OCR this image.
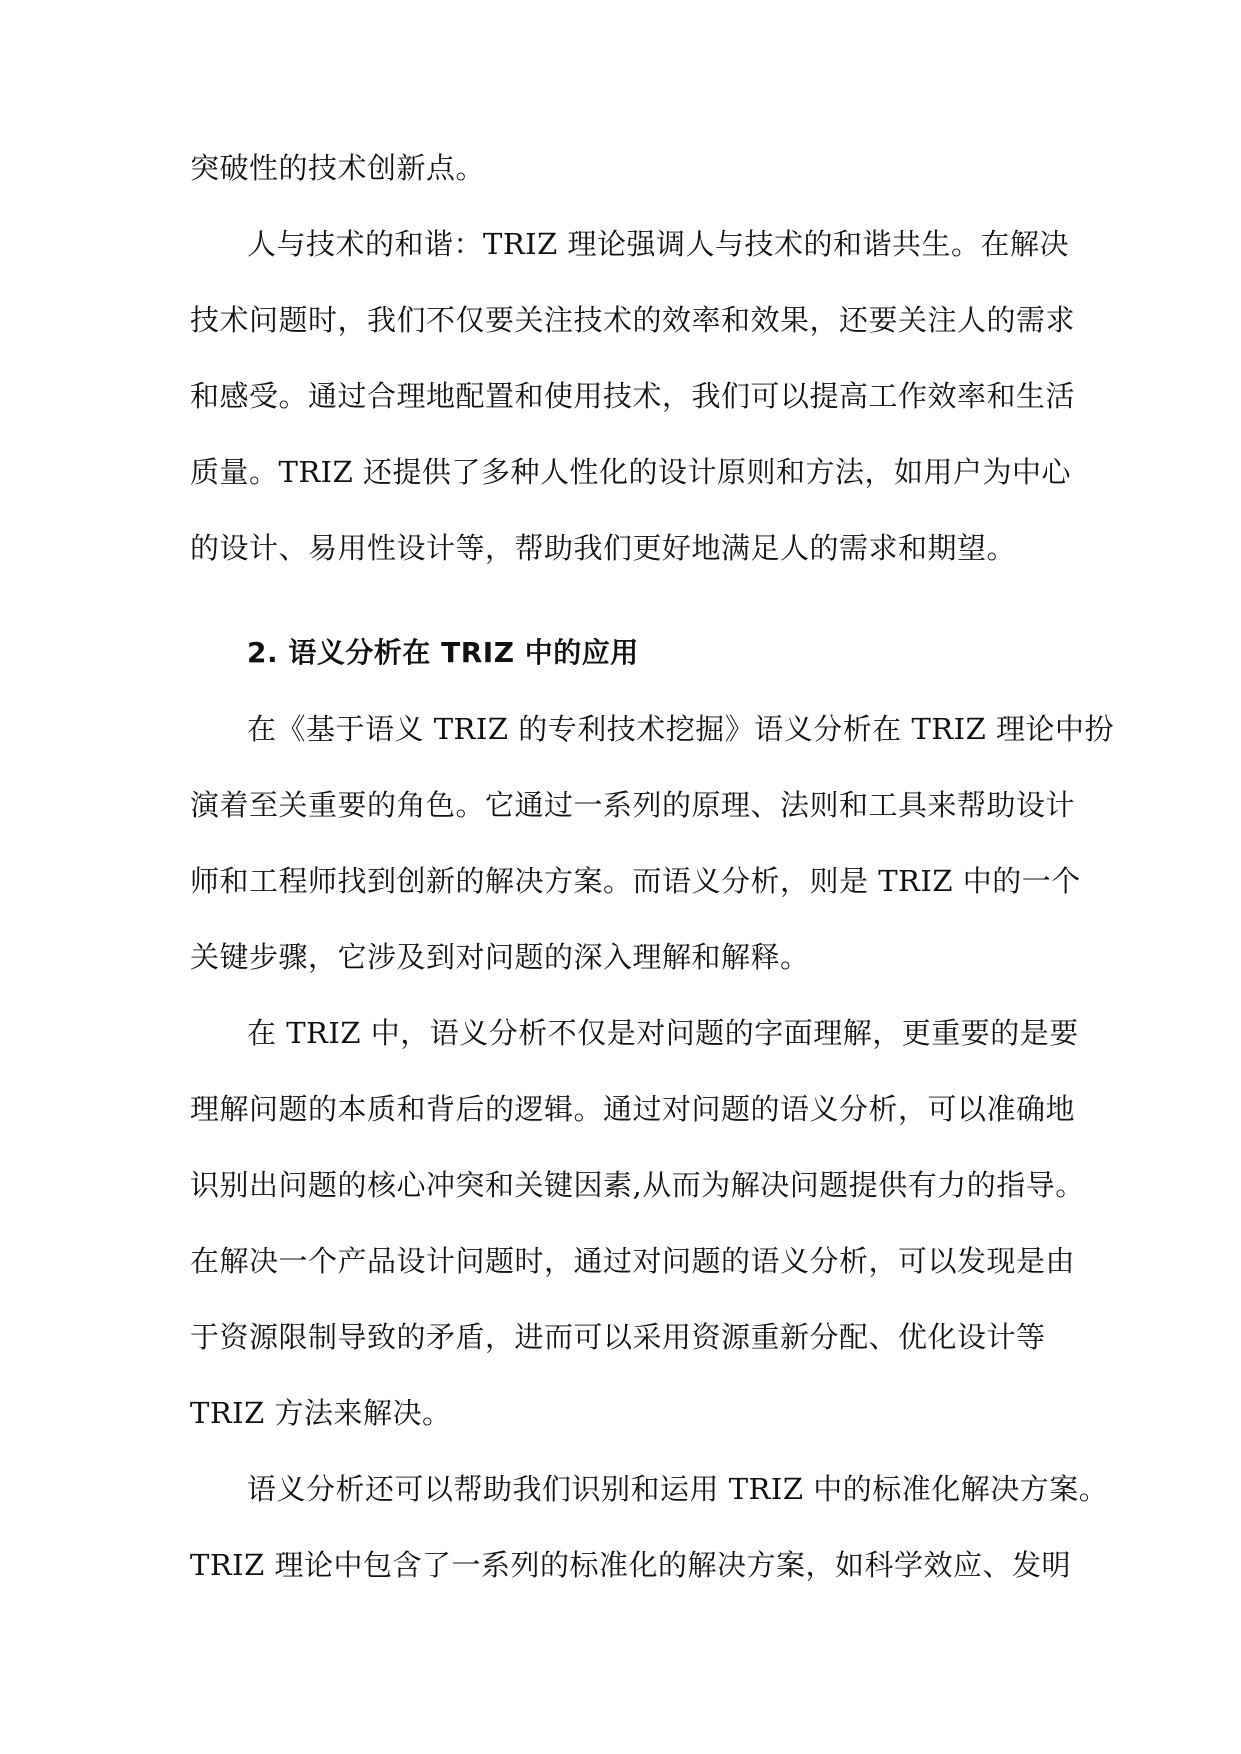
突破性的技术创新点。
人与技术的和谐：TRIZ 理论强调人与技术的和谐共生。在解决
技术问题时，我们不仅要关注技术的效率和效果，还要关注人的需求
和感受。通过合理地配置和使用技术，我们可以提高工作效率和生活
质量。TRIZ 还提供了多种人性化的设计原则和方法，如用户为中心
的设计、易用性设计等，帮助我们更好地满足人的需求和期望。
2. 语义分析在 TRIZ 中的应用
在《基于语义 TRIZ 的专利技术挖掘》语义分析在 TRIZ 理论中扮
演着至关重要的角色。它通过一系列的原理、法则和工具来帮助设计
师和工程师找到创新的解决方案。而语义分析，则是 TRIZ 中的一个
关键步骤，它涉及到对问题的深入理解和解释。
在 TRIZ 中，语义分析不仅是对问题的字面理解，更重要的是要
理解问题的本质和背后的逻辑。通过对问题的语义分析，可以准确地
识别出问题的核心冲突和关键因素,从而为解决问题提供有力的指导。
在解决一个产品设计问题时，通过对问题的语义分析，可以发现是由
于资源限制导致的矛盾，进而可以采用资源重新分配、优化设计等
TRIZ 方法来解决。
语义分析还可以帮助我们识别和运用 TRIZ 中的标准化解决方案。
TRIZ 理论中包含了一系列的标准化的解决方案，如科学效应、发明
